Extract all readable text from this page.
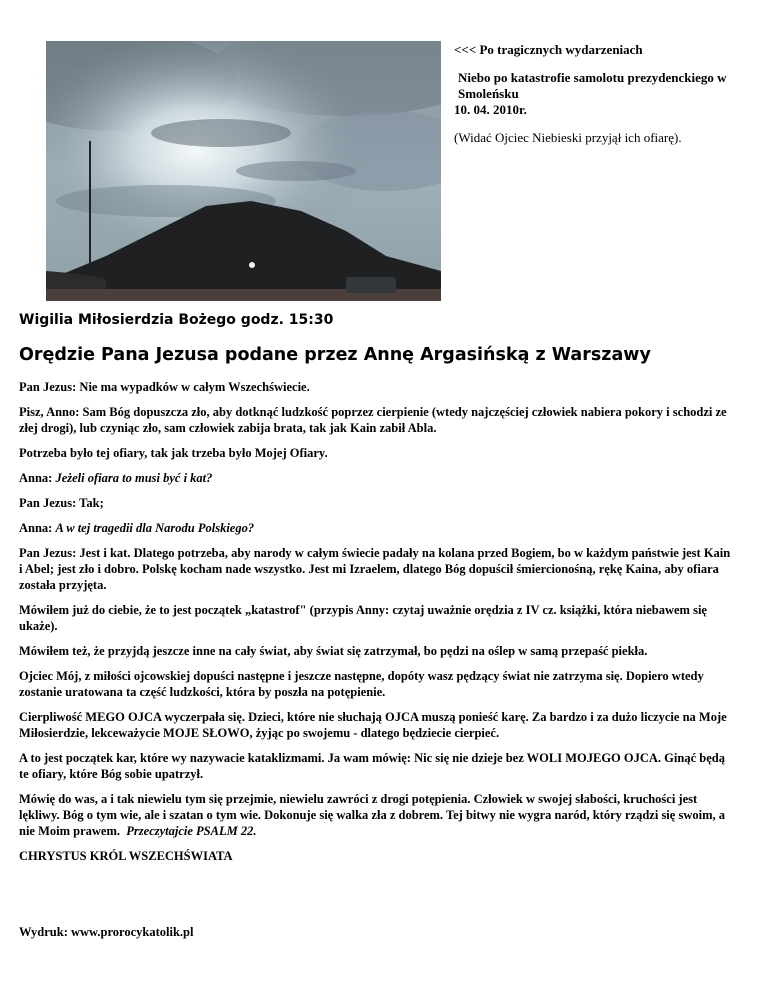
<<< Po tragicznych wydarzeniach

Niebo po katastrofie samolotu prezydenckiego w Smoleńsku

10. 04. 2010r.

(Widać Ojciec Niebieski przyjął ich ofiarę).

Wigilia Miłosierdzia Bożego godz. 15:30
Orędzie Pana Jezusa podane przez Annę Argasińską z Warszawy

Pan Jezus: Nie ma wypadków w całym Wszechświecie.

Pisz, Anno: Sam Bóg dopuszcza zło, aby dotknąć ludzkość poprzez cierpienie (wtedy najczęściej człowiek nabiera pokory i schodzi ze złej drogi), lub czyniąc zło, sam człowiek zabija brata, tak jak Kain zabił Abla.

Potrzeba było tej ofiary, tak jak trzeba było Mojej Ofiary.

Anna: Jeżeli ofiara to musi być i kat?

Pan Jezus: Tak;

Anna: A w tej tragedii dla Narodu Polskiego?

Pan Jezus: Jest i kat. Dlatego potrzeba, aby narody w całym świecie padały na kolana przed Bogiem, bo w każdym państwie jest Kain i Abel; jest zło i dobro. Polskę kocham nade wszystko. Jest mi Izraelem, dlatego Bóg dopuścił śmiercionośną, rękę Kaina, aby ofiara została przyjęta.

Mówiłem już do ciebie, że to jest początek „katastrof" (przypis Anny: czytaj uważnie orędzia z IV cz. książki, która niebawem się ukaże).

Mówiłem też, że przyjdą jeszcze inne na cały świat, aby świat się zatrzymał, bo pędzi na oślep w samą przepaść piekła.

Ojciec Mój, z miłości ojcowskiej dopuści następne i jeszcze następne, dopóty wasz pędzący świat nie zatrzyma się. Dopiero wtedy zostanie uratowana ta część ludzkości, która by poszła na potępienie.

Cierpliwość MEGO OJCA wyczerpała się. Dzieci, które nie słuchają OJCA muszą ponieść karę. Za bardzo i za dużo liczycie na Moje Miłosierdzie, lekceważycie MOJE SŁOWO, żyjąc po swojemu - dlatego będziecie cierpieć.

A to jest początek kar, które wy nazywacie kataklizmami. Ja wam mówię: Nic się nie dzieje bez WOLI MOJEGO OJCA. Ginąć będą te ofiary, które Bóg sobie upatrzył.

Mówię do was, a i tak niewielu tym się przejmie, niewielu zawróci z drogi potępienia. Człowiek w swojej słabości, kruchości jest lękliwy. Bóg o tym wie, ale i szatan o tym wie. Dokonuje się walka zła z dobrem. Tej bitwy nie wygra naród, który rządzi się swoim, a nie Moim prawem. Przeczytajcie PSALM 22.

CHRYSTUS KRÓL WSZECHŚWIATA

Wydruk: www.prorocykatolik.pl
